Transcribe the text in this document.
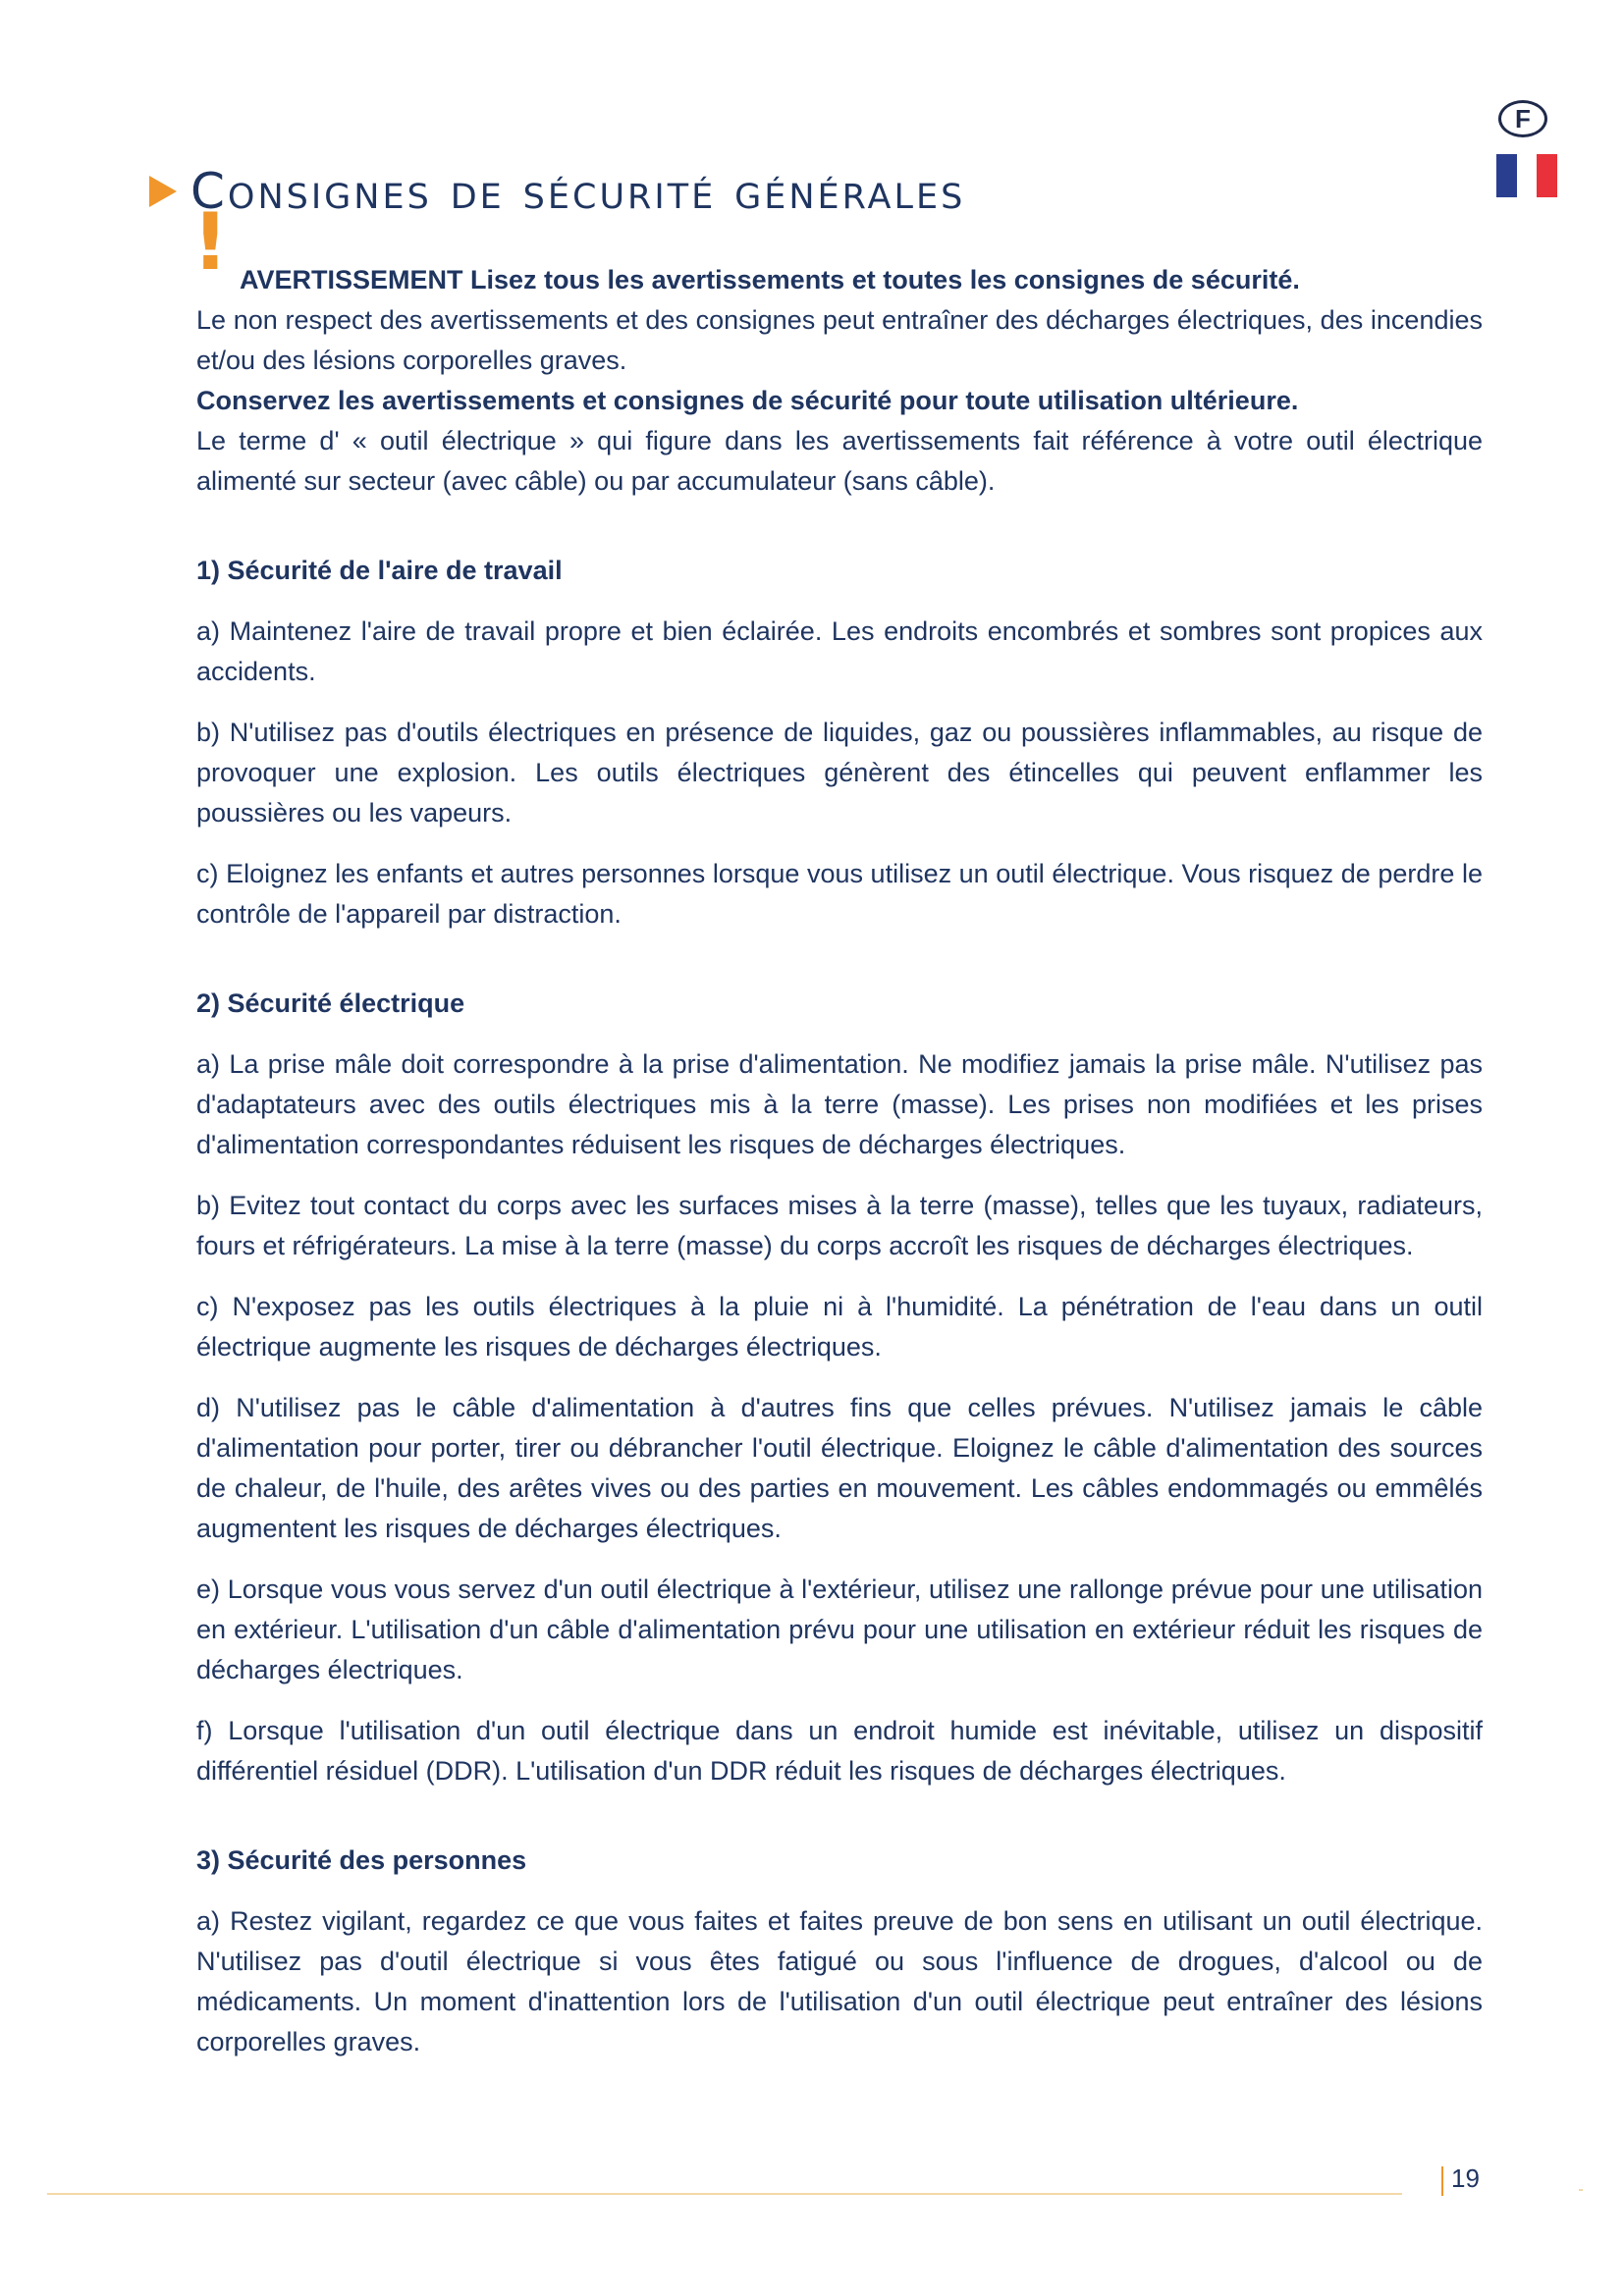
F
Consignes de sécurité générales

! AVERTISSEMENT Lisez tous les avertissements et toutes les consignes de sécurité.

Le non respect des avertissements et des consignes peut entraîner des décharges électriques, des incendies et/ou des lésions corporelles graves.

Conservez les avertissements et consignes de sécurité pour toute utilisation ultérieure.

Le terme d' « outil électrique » qui figure dans les avertissements fait référence à votre outil électrique alimenté sur secteur (avec câble) ou par accumulateur (sans câble).

1) Sécurité de l'aire de travail

a) Maintenez l'aire de travail propre et bien éclairée. Les endroits encombrés et sombres sont propices aux accidents.

b) N'utilisez pas d'outils électriques en présence de liquides, gaz ou poussières inflammables, au risque de provoquer une explosion. Les outils électriques génèrent des étincelles qui peuvent enflammer les poussières ou les vapeurs.

c) Eloignez les enfants et autres personnes lorsque vous utilisez un outil électrique. Vous risquez de perdre le contrôle de l'appareil par distraction.

2) Sécurité électrique

a) La prise mâle doit correspondre à la prise d'alimentation. Ne modifiez jamais la prise mâle. N'utilisez pas d'adaptateurs avec des outils électriques mis à la terre (masse). Les prises non modifiées et les prises d'alimentation correspondantes réduisent les risques de décharges électriques.

b) Evitez tout contact du corps avec les surfaces mises à la terre (masse), telles que les tuyaux, radiateurs, fours et réfrigérateurs. La mise à la terre (masse) du corps accroît les risques de décharges électriques.

c) N'exposez pas les outils électriques à la pluie ni à l'humidité. La pénétration de l'eau dans un outil électrique augmente les risques de décharges électriques.

d) N'utilisez pas le câble d'alimentation à d'autres fins que celles prévues. N'utilisez jamais le câble d'alimentation pour porter, tirer ou débrancher l'outil électrique. Eloignez le câble d'alimentation des sources de chaleur, de l'huile, des arêtes vives ou des parties en mouvement. Les câbles endommagés ou emmêlés augmentent les risques de décharges électriques.

e) Lorsque vous vous servez d'un outil électrique à l'extérieur, utilisez une rallonge prévue pour une utilisation en extérieur. L'utilisation d'un câble d'alimentation prévu pour une utilisation en extérieur réduit les risques de décharges électriques.

f) Lorsque l'utilisation d'un outil électrique dans un endroit humide est inévitable, utilisez un dispositif différentiel résiduel (DDR). L'utilisation d'un DDR réduit les risques de décharges électriques.

3) Sécurité des personnes

a) Restez vigilant, regardez ce que vous faites et faites preuve de bon sens en utilisant un outil électrique. N'utilisez pas d'outil électrique si vous êtes fatigué ou sous l'influence de drogues, d'alcool ou de médicaments. Un moment d'inattention lors de l'utilisation d'un outil électrique peut entraîner des lésions corporelles graves.

19
